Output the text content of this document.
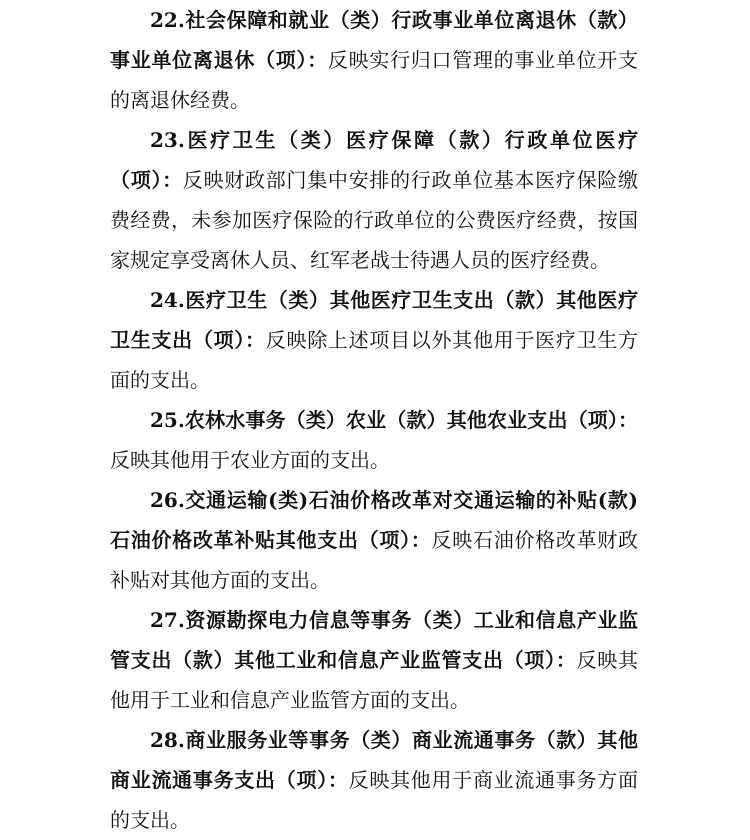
22.社会保障和就业（类）行政事业单位离退休（款）事业单位离退休（项）：反映实行归口管理的事业单位开支的离退休经费。

23.医疗卫生（类）医疗保障（款）行政单位医疗（项）：反映财政部门集中安排的行政单位基本医疗保险缴费经费，未参加医疗保险的行政单位的公费医疗经费，按国家规定享受离休人员、红军老战士待遇人员的医疗经费。

24.医疗卫生（类）其他医疗卫生支出（款）其他医疗卫生支出（项）：反映除上述项目以外其他用于医疗卫生方面的支出。

25.农林水事务（类）农业（款）其他农业支出（项）：反映其他用于农业方面的支出。

26.交通运输(类)石油价格改革对交通运输的补贴(款)石油价格改革补贴其他支出（项）：反映石油价格改革财政补贴对其他方面的支出。

27.资源勘探电力信息等事务（类）工业和信息产业监管支出（款）其他工业和信息产业监管支出（项）：反映其他用于工业和信息产业监管方面的支出。

28.商业服务业等事务（类）商业流通事务（款）其他商业流通事务支出（项）：反映其他用于商业流通事务方面的支出。
